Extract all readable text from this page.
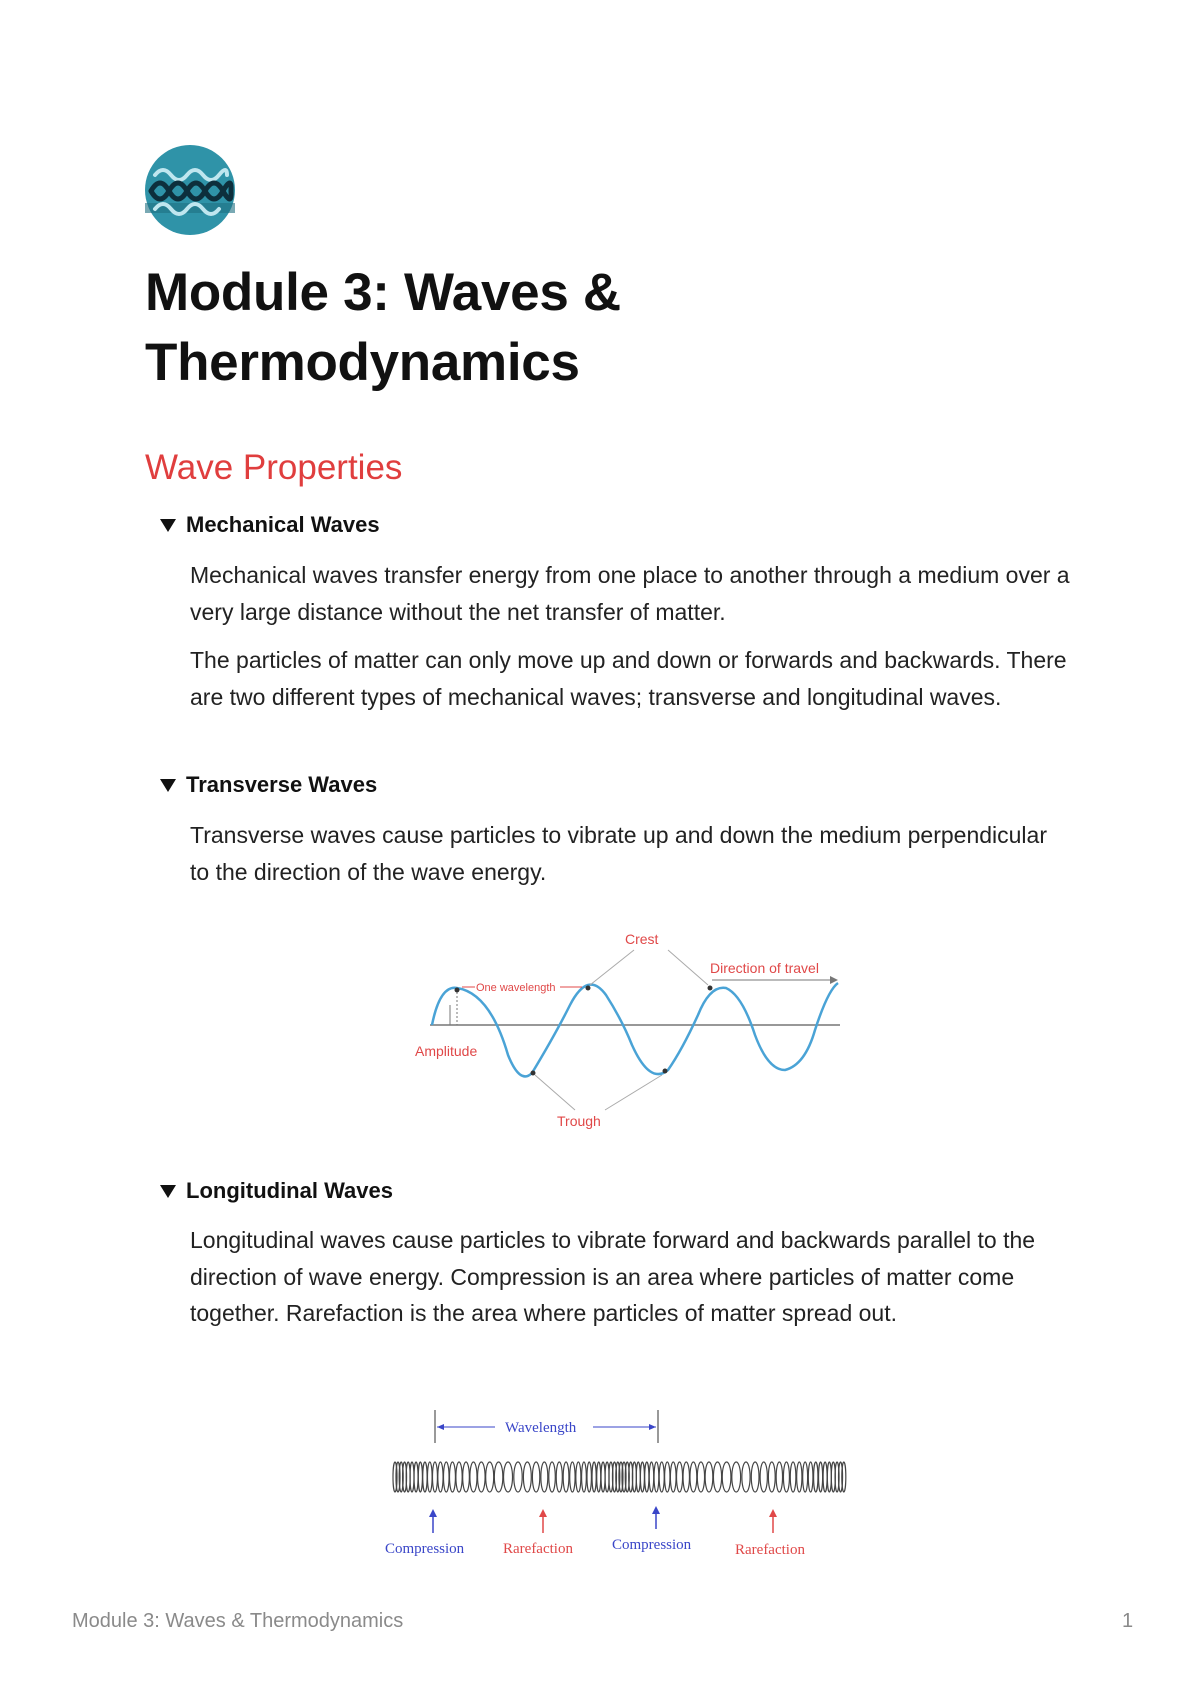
Module 3: Waves & Thermodynamics
Wave Properties
Mechanical Waves

Mechanical waves transfer energy from one place to another through a medium over a very large distance without the net transfer of matter.

The particles of matter can only move up and down or forwards and backwards. There are two different types of mechanical waves; transverse and longitudinal waves.

Transverse Waves

Transverse waves cause particles to vibrate up and down the medium perpendicular to the direction of the wave energy.

One wavelength
Crest
Direction of travel
Amplitude
Trough
Longitudinal Waves

Longitudinal waves cause particles to vibrate forward and backwards parallel to the direction of wave energy. Compression is an area where particles of matter come together. Rarefaction is the area where particles of matter spread out.

Wavelength
Compression	Rarefaction	Compression	Rarefaction
Module 3: Waves & Thermodynamics	1
